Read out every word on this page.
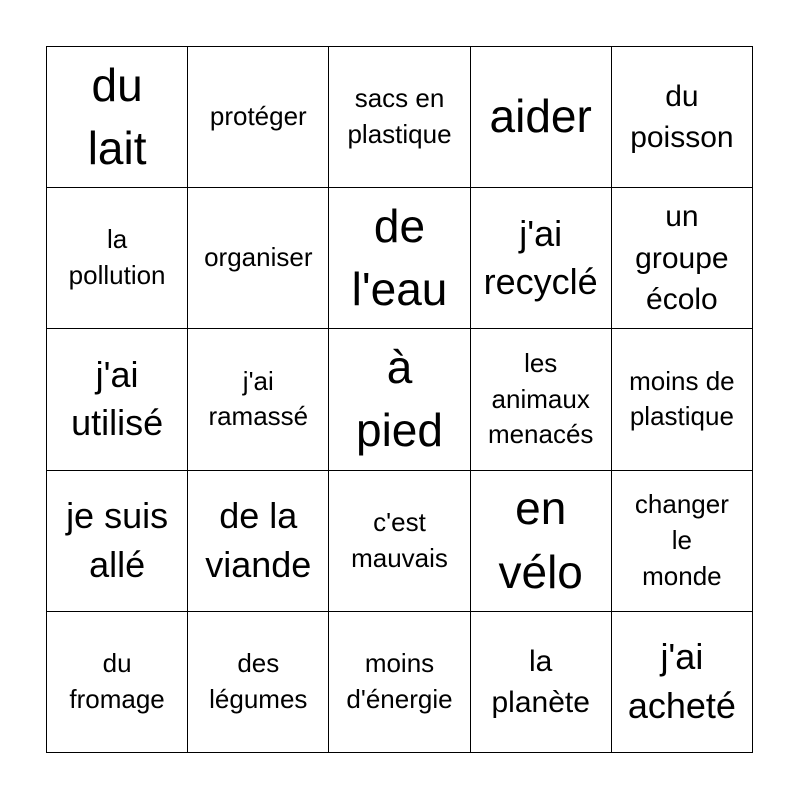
du
lait
protéger
sacs en
plastique aider	du
poisson
la
pollution
organiser
de
l'eau
j'ai
recyclé
un
groupe
écolo
j'ai
utilisé
j'ai
ramassé
à
pied
les
animaux
menacés
moins de
plastique
je suis
allé
de la
viande
c'est
mauvais
en
vélo
changer
le
monde
du
fromage
des
légumes
moins
d'énergie
la
planète
j'ai
acheté
